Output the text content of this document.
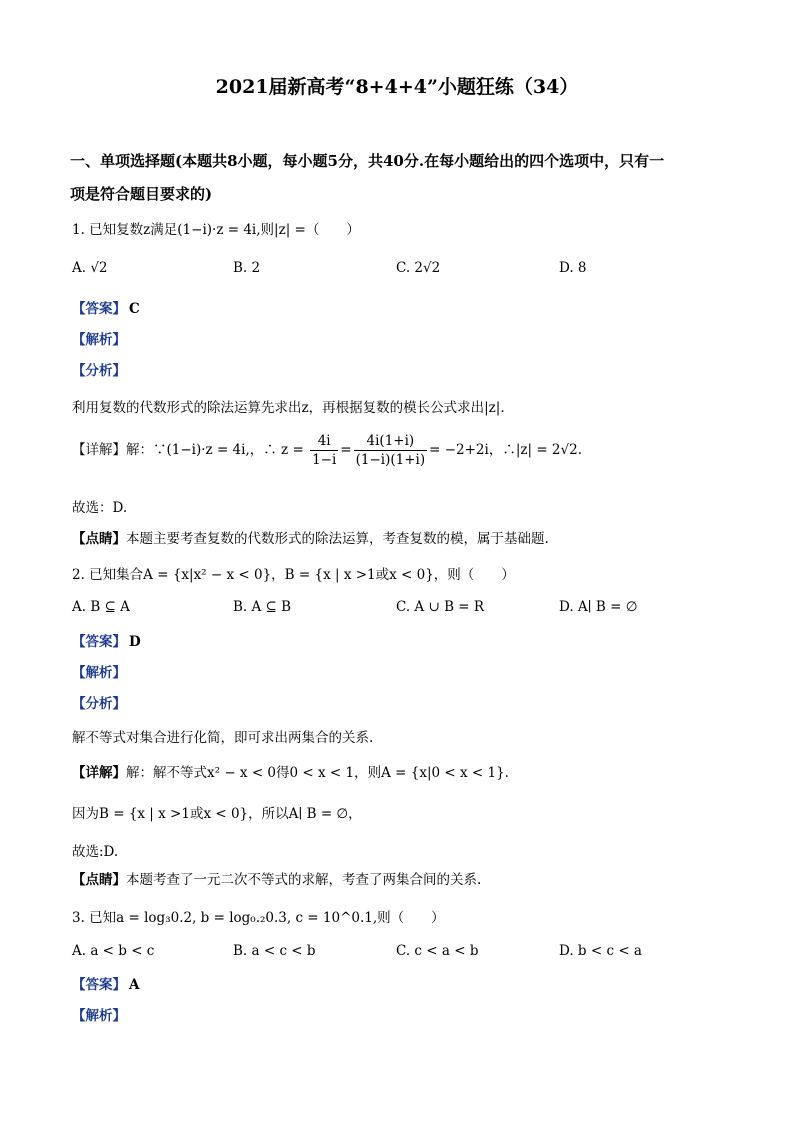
2021届新高考“8+4+4”小题狂练（34）
一、单项选择题(本题共8小题，每小题5分，共40分.在每小题给出的四个选项中，只有一
项是符合题目要求的)
1. 已知复数z满足(1−i)·z = 4i,则|z| =（　　）
A. √2	B. 2	C. 2√2	D. 8
【答案】 C
【解析】
【分析】
利用复数的代数形式的除法运算先求出z，再根据复数的模长公式求出|z|.
【详解】解：∵(1−i)·z = 4i,，∴ $z = \frac{4i}{1-i} = \frac{4i(1+i)}{(1-i)(1+i)} = -2+2i$，∴|z| = 2√2.
故选：D.
【点睛】本题主要考查复数的代数形式的除法运算，考查复数的模，属于基础题.
2. 已知集合A = {x|x² − x < 0}，B = {x | x >1或x < 0}，则（　　）
A. B ⊆ A	B. A ⊆ B	C. A ∪ B = R	D. A∣ B = ∅
【答案】 D
【解析】
【分析】
解不等式对集合进行化简，即可求出两集合的关系.
【详解】解：解不等式x² − x < 0得0 < x < 1，则A = {x|0 < x < 1}.
因为B = {x | x >1或x < 0}，所以A∣ B = ∅，
故选:D.
【点睛】本题考查了一元二次不等式的求解，考查了两集合间的关系.
3. 已知a = log₃0.2, b = log₀.₂0.3, c = 10^0.1,则（　　）
A. a < b < c	B. a < c < b	C. c < a < b	D. b < c < a
【答案】 A
【解析】
